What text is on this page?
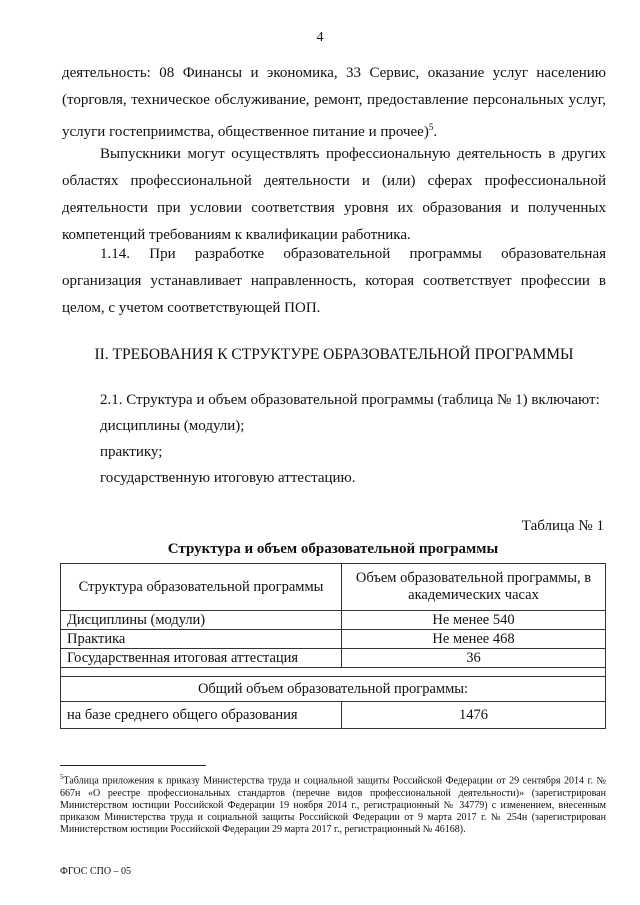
4

деятельность: 08 Финансы и экономика, 33 Сервис, оказание услуг населению (торговля, техническое обслуживание, ремонт, предоставление персональных услуг, услуги гостеприимства, общественное питание и прочее)$^5$.

Выпускники могут осуществлять профессиональную деятельность в других областях профессиональной деятельности и (или) сферах профессиональной деятельности при условии соответствия уровня их образования и полученных компетенций требованиям к квалификации работника.

1.14. При разработке образовательной программы образовательная организация устанавливает направленность, которая соответствует профессии в целом, с учетом соответствующей ПОП.

II. ТРЕБОВАНИЯ К СТРУКТУРЕ ОБРАЗОВАТЕЛЬНОЙ ПРОГРАММЫ

2.1. Структура и объем образовательной программы (таблица № 1) включают:

дисциплины (модули);

практику;

государственную итоговую аттестацию.

Таблица № 1
Структура и объем образовательной программы
Структура образовательной программы	Объем образовательной программы, в академических часах
Дисциплины (модули)	Не менее 540
Практика	Не менее 468
Государственная итоговая аттестация	36

Общий объем образовательной программы:	
на базе среднего общего образования	1476

$^5$Таблица приложения к приказу Министерства труда и социальной защиты Российской Федерации от 29 сентября 2014 г. № 667н «О реестре профессиональных стандартов (перечне видов профессиональной деятельности)» (зарегистрирован Министерством юстиции Российской Федерации 19 ноября 2014 г., регистрационный № 34779) с изменением, внесенным приказом Министерства труда и социальной защиты Российской Федерации от 9 марта 2017 г. № 254н (зарегистрирован Министерством юстиции Российской Федерации 29 марта 2017 г., регистрационный № 46168).

ФГОС СПО – 05
